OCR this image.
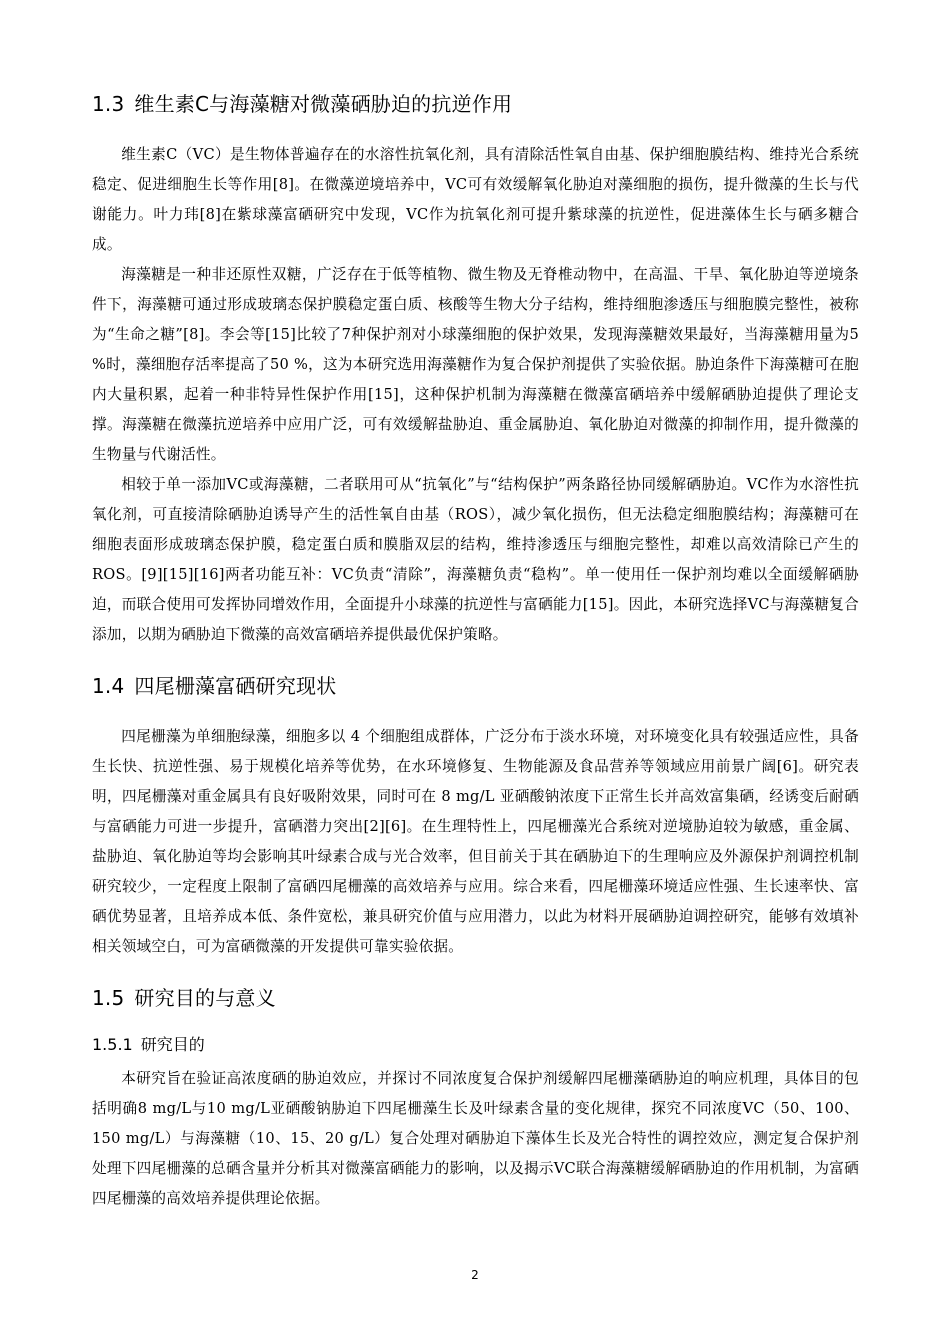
1.3 维生素C与海藻糖对微藻硒胁迫的抗逆作用

维生素C（VC）是生物体普遍存在的水溶性抗氧化剂，具有清除活性氧自由基、保护细胞膜结构、维持光合系统稳定、促进细胞生长等作用[8]。在微藻逆境培养中，VC可有效缓解氧化胁迫对藻细胞的损伤，提升微藻的生长与代谢能力。叶力玮[8]在紫球藻富硒研究中发现，VC作为抗氧化剂可提升紫球藻的抗逆性，促进藻体生长与硒多糖合成。

海藻糖是一种非还原性双糖，广泛存在于低等植物、微生物及无脊椎动物中，在高温、干旱、氧化胁迫等逆境条件下，海藻糖可通过形成玻璃态保护膜稳定蛋白质、核酸等生物大分子结构，维持细胞渗透压与细胞膜完整性，被称为“生命之糖”[8]。李会等[15]比较了7种保护剂对小球藻细胞的保护效果，发现海藻糖效果最好，当海藻糖用量为5 %时，藻细胞存活率提高了50 %，这为本研究选用海藻糖作为复合保护剂提供了实验依据。胁迫条件下海藻糖可在胞内大量积累，起着一种非特异性保护作用[15]，这种保护机制为海藻糖在微藻富硒培养中缓解硒胁迫提供了理论支撑。海藻糖在微藻抗逆培养中应用广泛，可有效缓解盐胁迫、重金属胁迫、氧化胁迫对微藻的抑制作用，提升微藻的生物量与代谢活性。

相较于单一添加VC或海藻糖，二者联用可从“抗氧化”与“结构保护”两条路径协同缓解硒胁迫。VC作为水溶性抗氧化剂，可直接清除硒胁迫诱导产生的活性氧自由基（ROS），减少氧化损伤，但无法稳定细胞膜结构；海藻糖可在细胞表面形成玻璃态保护膜，稳定蛋白质和膜脂双层的结构，维持渗透压与细胞完整性，却难以高效清除已产生的ROS。[9][15][16]两者功能互补：VC负责“清除”，海藻糖负责“稳构”。单一使用任一保护剂均难以全面缓解硒胁迫，而联合使用可发挥协同增效作用，全面提升小球藻的抗逆性与富硒能力[15]。因此，本研究选择VC与海藻糖复合添加，以期为硒胁迫下微藻的高效富硒培养提供最优保护策略。

1.4 四尾栅藻富硒研究现状

四尾栅藻为单细胞绿藻，细胞多以 4 个细胞组成群体，广泛分布于淡水环境，对环境变化具有较强适应性，具备生长快、抗逆性强、易于规模化培养等优势，在水环境修复、生物能源及食品营养等领域应用前景广阔[6]。研究表明，四尾栅藻对重金属具有良好吸附效果，同时可在 8 mg/L 亚硒酸钠浓度下正常生长并高效富集硒，经诱变后耐硒与富硒能力可进一步提升，富硒潜力突出[2][6]。在生理特性上，四尾栅藻光合系统对逆境胁迫较为敏感，重金属、盐胁迫、氧化胁迫等均会影响其叶绿素合成与光合效率，但目前关于其在硒胁迫下的生理响应及外源保护剂调控机制研究较少，一定程度上限制了富硒四尾栅藻的高效培养与应用。综合来看，四尾栅藻环境适应性强、生长速率快、富硒优势显著，且培养成本低、条件宽松，兼具研究价值与应用潜力，以此为材料开展硒胁迫调控研究，能够有效填补相关领域空白，可为富硒微藻的开发提供可靠实验依据。

1.5 研究目的与意义
1.5.1 研究目的

本研究旨在验证高浓度硒的胁迫效应，并探讨不同浓度复合保护剂缓解四尾栅藻硒胁迫的响应机理，具体目的包括明确8 mg/L与10 mg/L亚硒酸钠胁迫下四尾栅藻生长及叶绿素含量的变化规律，探究不同浓度VC（50、100、150 mg/L）与海藻糖（10、15、20 g/L）复合处理对硒胁迫下藻体生长及光合特性的调控效应，测定复合保护剂处理下四尾栅藻的总硒含量并分析其对微藻富硒能力的影响，以及揭示VC联合海藻糖缓解硒胁迫的作用机制，为富硒四尾栅藻的高效培养提供理论依据。

2
